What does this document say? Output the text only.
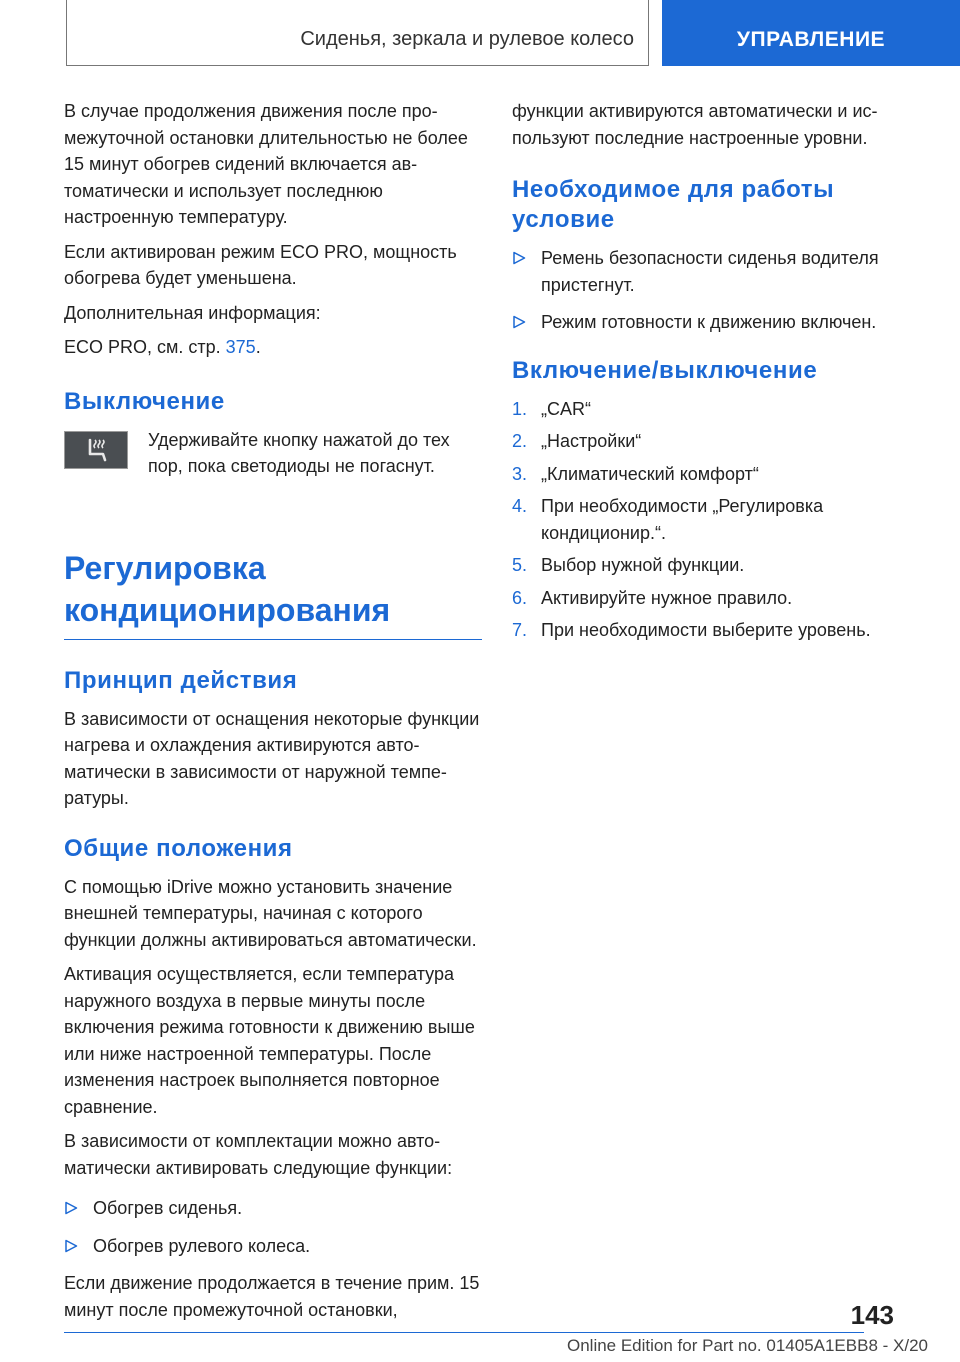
Сиденья, зеркала и рулевое колесо	УПРАВЛЕНИЕ

В случае продолжения движения после промежуточной остановки длительностью не более 15 минут обогрев сидений включается автоматически и использует последнюю настроенную температуру.

Если активирован режим ECO PRO, мощность обогрева будет уменьшена.

Дополнительная информация:

ECO PRO, см. стр. 375.

Выключение
Удерживайте кнопку нажатой до тех пор, пока светодиоды не погаснут.
Регулировка кондиционирования
Принцип действия

В зависимости от оснащения некоторые функции нагрева и охлаждения активируются автоматически в зависимости от наружной температуры.

Общие положения

С помощью iDrive можно установить значение внешней температуры, начиная с которого функции должны активироваться автоматически.

Активация осуществляется, если температура наружного воздуха в первые минуты после включения режима готовности к движению выше или ниже настроенной температуры. После изменения настроек выполняется повторное сравнение.

В зависимости от комплектации можно автоматически активировать следующие функции:

Обогрев сиденья.
Обогрев рулевого колеса.

Если движение продолжается в течение прим. 15 минут после промежуточной остановки,

функции активируются автоматически и используют последние настроенные уровни.

Необходимое для работы условие
Ремень безопасности сиденья водителя пристегнут.
Режим готовности к движению включен.
Включение/выключение
1. „CAR“
2. „Настройки“
3. „Климатический комфорт“
4. При необходимости „Регулировка кондиционир.“.
5. Выбор нужной функции.
6. Активируйте нужное правило.
7. При необходимости выберите уровень.
143
Online Edition for Part no. 01405A1EBB8 - X/20
